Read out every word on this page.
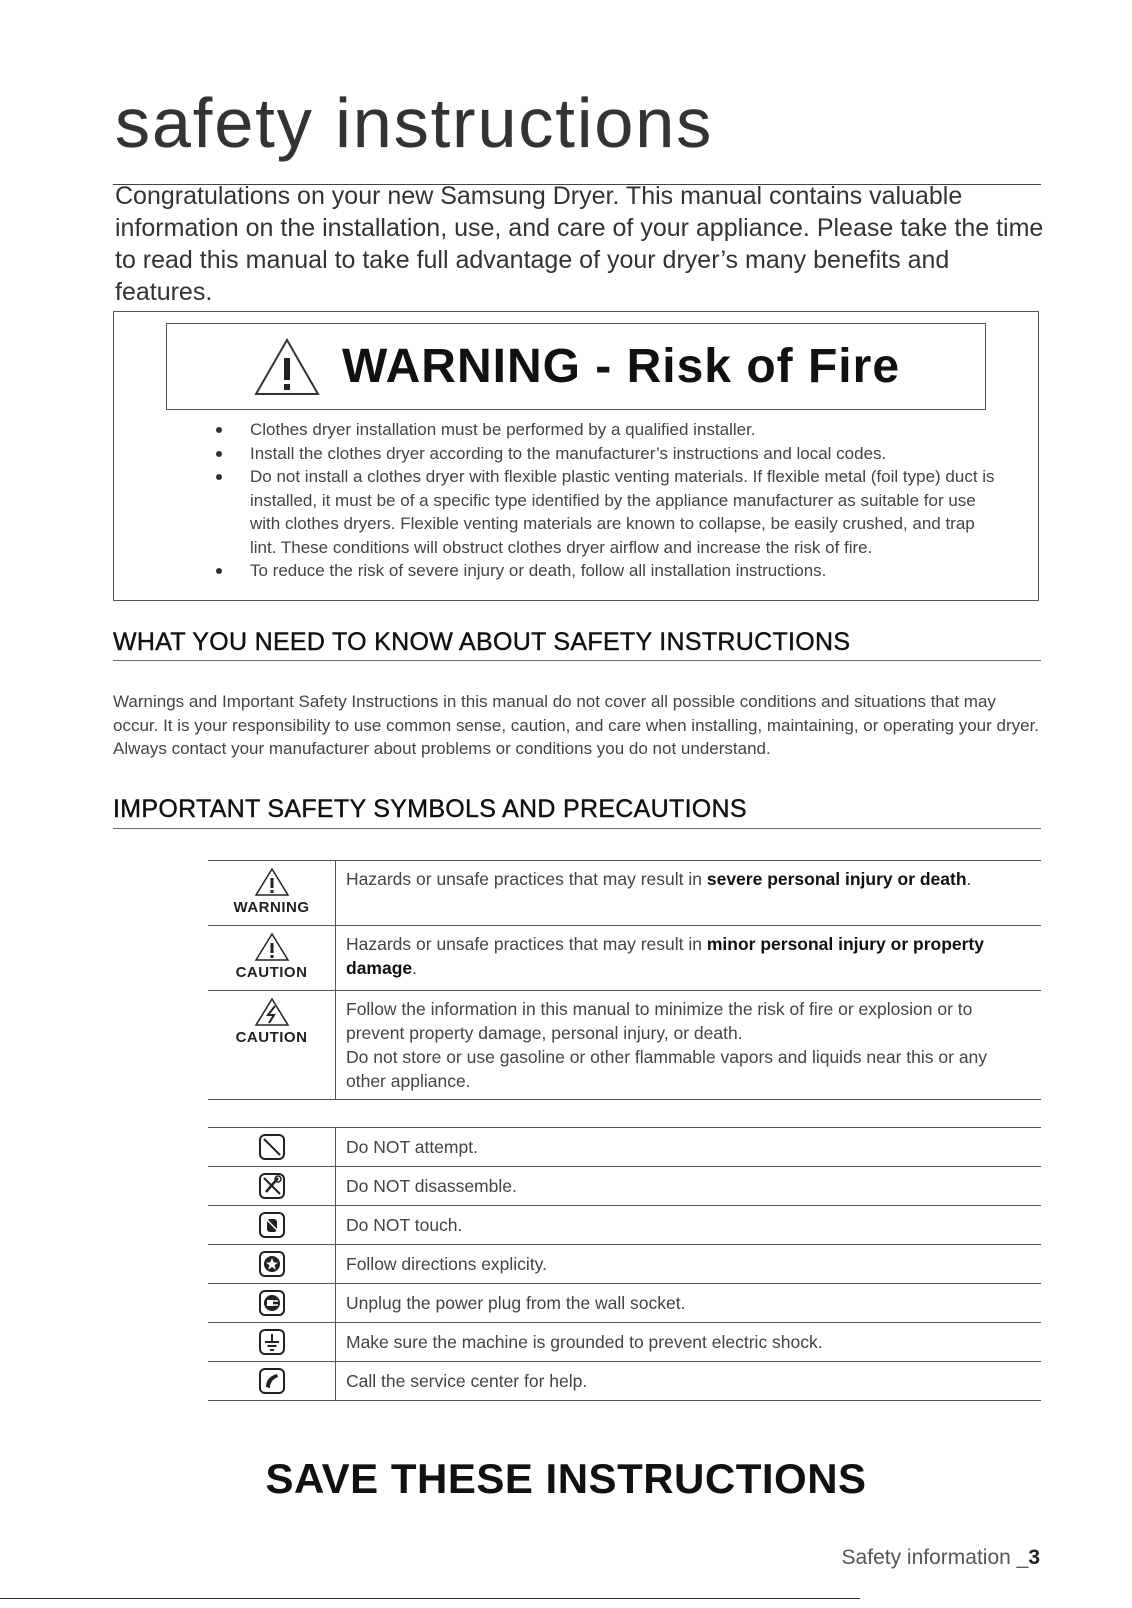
safety instructions

Congratulations on your new Samsung Dryer. This manual contains valuable information on the installation, use, and care of your appliance. Please take the time to read this manual to take full advantage of your dryer’s many benefits and features.

WARNING - Risk of Fire
Clothes dryer installation must be performed by a qualified installer.
Install the clothes dryer according to the manufacturer’s instructions and local codes.
Do not install a clothes dryer with flexible plastic venting materials. If flexible metal (foil type) duct is installed, it must be of a specific type identified by the appliance manufacturer as suitable for use with clothes dryers. Flexible venting materials are known to collapse, be easily crushed, and trap lint. These conditions will obstruct clothes dryer airflow and increase the risk of fire.
To reduce the risk of severe injury or death, follow all installation instructions.
WHAT YOU NEED TO KNOW ABOUT SAFETY INSTRUCTIONS

Warnings and Important Safety Instructions in this manual do not cover all possible conditions and situations that may occur. It is your responsibility to use common sense, caution, and care when installing, maintaining, or operating your dryer.

Always contact your manufacturer about problems or conditions you do not understand.

IMPORTANT SAFETY SYMBOLS AND PRECAUTIONS
WARNING	Hazards or unsafe practices that may result in severe personal injury or death.

CAUTION	Hazards or unsafe practices that may result in minor personal injury or property damage.

CAUTION	Follow the information in this manual to minimize the risk of fire or explosion or to prevent property damage, personal injury, or death.

Do not store or use gasoline or other flammable vapors and liquids near this or any other appliance.

	Do NOT attempt.

	Do NOT disassemble.

	Do NOT touch.

	Follow directions explicity.

	Unplug the power plug from the wall socket.

	Make sure the machine is grounded to prevent electric shock.

	Call the service center for help.
SAVE THESE INSTRUCTIONS
Safety information _3
